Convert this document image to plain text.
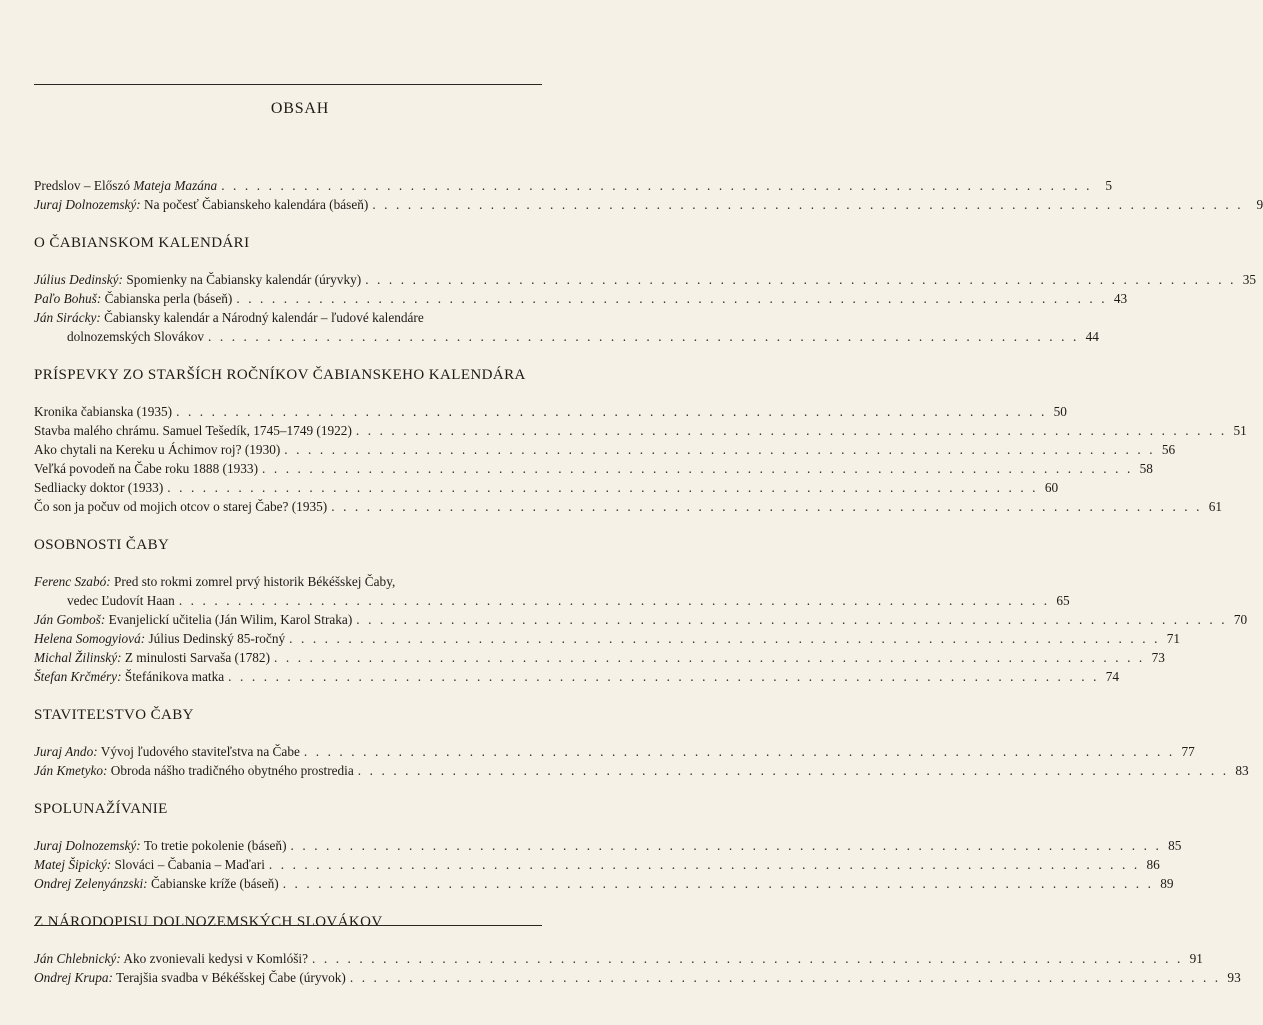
OBSAH
Predslov – Előszó Mateja Mazána . . . . . . . . . . . . . . . . . . . . . . . . . . . . . . . . . . . . . . . . . . . . . . . . . . . . . . . . . . . . . . . . . . . . . . . . . .	5
Juraj Dolnozemský: Na počesť Čabianskeho kalendára (báseň) . . . . . . . . . . . . . . . . . . . . . . . . . . . . . . . . . . . . . . . . . . . . . . . . . . . . . . . . . . . . . . . . . . . . . . . . . .	9
O ČABIANSKOM KALENDÁRI
Július Dedinský: Spomienky na Čabiansky kalendár (úryvky) . . . . . . . . . . . . . . . . . . . . . . . . . . . . . . . . . . . . . . . . . . . . . . . . . . . . . . . . . . . . . . . . . . . . . . . . . . 35
Paľo Bohuš: Čabianska perla (báseň) . . . . . . . . . . . . . . . . . . . . . . . . . . . . . . . . . . . . . . . . . . . . . . . . . . . . . . . . . . . . . . . . . . . . . . . . . . 43
Ján Sirácky: Čabiansky kalendár a Národný kalendár – ľudové kalendáre
dolnozemských Slovákov . . . . . . . . . . . . . . . . . . . . . . . . . . . . . . . . . . . . . . . . . . . . . . . . . . . . . . . . . . . . . . . . . . . . . . . . . . 44
PRÍSPEVKY ZO STARŠÍCH ROČNÍKOV ČABIANSKEHO KALENDÁRA
Kronika čabianska (1935) . . . . . . . . . . . . . . . . . . . . . . . . . . . . . . . . . . . . . . . . . . . . . . . . . . . . . . . . . . . . . . . . . . . . . . . . . . 50
Stavba malého chrámu. Samuel Tešedík, 1745–1749 (1922) . . . . . . . . . . . . . . . . . . . . . . . . . . . . . . . . . . . . . . . . . . . . . . . . . . . . . . . . . . . . . . . . . . . . . . . . . . 51
Ako chytali na Kereku u Áchimov roj? (1930) . . . . . . . . . . . . . . . . . . . . . . . . . . . . . . . . . . . . . . . . . . . . . . . . . . . . . . . . . . . . . . . . . . . . . . . . . . 56
Veľká povodeň na Čabe roku 1888 (1933) . . . . . . . . . . . . . . . . . . . . . . . . . . . . . . . . . . . . . . . . . . . . . . . . . . . . . . . . . . . . . . . . . . . . . . . . . . 58
Sedliacky doktor (1933) . . . . . . . . . . . . . . . . . . . . . . . . . . . . . . . . . . . . . . . . . . . . . . . . . . . . . . . . . . . . . . . . . . . . . . . . . . 60
Čo son ja počuv od mojich otcov o starej Čabe? (1935) . . . . . . . . . . . . . . . . . . . . . . . . . . . . . . . . . . . . . . . . . . . . . . . . . . . . . . . . . . . . . . . . . . . . . . . . . . 61
OSOBNOSTI ČABY
Ferenc Szabó: Pred sto rokmi zomrel prvý historik Békéšskej Čaby,
vedec Ľudovít Haan . . . . . . . . . . . . . . . . . . . . . . . . . . . . . . . . . . . . . . . . . . . . . . . . . . . . . . . . . . . . . . . . . . . . . . . . . . 65
Ján Gomboš: Evanjelickí učitelia (Ján Wilim, Karol Straka) . . . . . . . . . . . . . . . . . . . . . . . . . . . . . . . . . . . . . . . . . . . . . . . . . . . . . . . . . . . . . . . . . . . . . . . . . . 70
Helena Somogyiová: Július Dedinský 85-ročný . . . . . . . . . . . . . . . . . . . . . . . . . . . . . . . . . . . . . . . . . . . . . . . . . . . . . . . . . . . . . . . . . . . . . . . . . . 71
Michal Žilinský: Z minulosti Sarvaša (1782) . . . . . . . . . . . . . . . . . . . . . . . . . . . . . . . . . . . . . . . . . . . . . . . . . . . . . . . . . . . . . . . . . . . . . . . . . . 73
Štefan Krčméry: Štefánikova matka . . . . . . . . . . . . . . . . . . . . . . . . . . . . . . . . . . . . . . . . . . . . . . . . . . . . . . . . . . . . . . . . . . . . . . . . . . 74
STAVITEĽSTVO ČABY
Juraj Ando: Vývoj ľudového staviteľstva na Čabe . . . . . . . . . . . . . . . . . . . . . . . . . . . . . . . . . . . . . . . . . . . . . . . . . . . . . . . . . . . . . . . . . . . . . . . . . . 77
Ján Kmetyko: Obroda nášho tradičného obytného prostredia . . . . . . . . . . . . . . . . . . . . . . . . . . . . . . . . . . . . . . . . . . . . . . . . . . . . . . . . . . . . . . . . . . . . . . . . . . 83
SPOLUNAŽÍVANIE
Juraj Dolnozemský: To tretie pokolenie (báseň) . . . . . . . . . . . . . . . . . . . . . . . . . . . . . . . . . . . . . . . . . . . . . . . . . . . . . . . . . . . . . . . . . . . . . . . . . . 85
Matej Šipický: Slováci – Čabania – Maďari . . . . . . . . . . . . . . . . . . . . . . . . . . . . . . . . . . . . . . . . . . . . . . . . . . . . . . . . . . . . . . . . . . . . . . . . . . 86
Ondrej Zelenyánzski: Čabianske kríže (báseň) . . . . . . . . . . . . . . . . . . . . . . . . . . . . . . . . . . . . . . . . . . . . . . . . . . . . . . . . . . . . . . . . . . . . . . . . . . 89
Z NÁRODOPISU DOLNOZEMSKÝCH SLOVÁKOV
Ján Chlebnický: Ako zvonievali kedysi v Komlóši? . . . . . . . . . . . . . . . . . . . . . . . . . . . . . . . . . . . . . . . . . . . . . . . . . . . . . . . . . . . . . . . . . . . . . . . . . . 91
Ondrej Krupa: Terajšia svadba v Békéšskej Čabe (úryvok) . . . . . . . . . . . . . . . . . . . . . . . . . . . . . . . . . . . . . . . . . . . . . . . . . . . . . . . . . . . . . . . . . . . . . . . . . . 93
